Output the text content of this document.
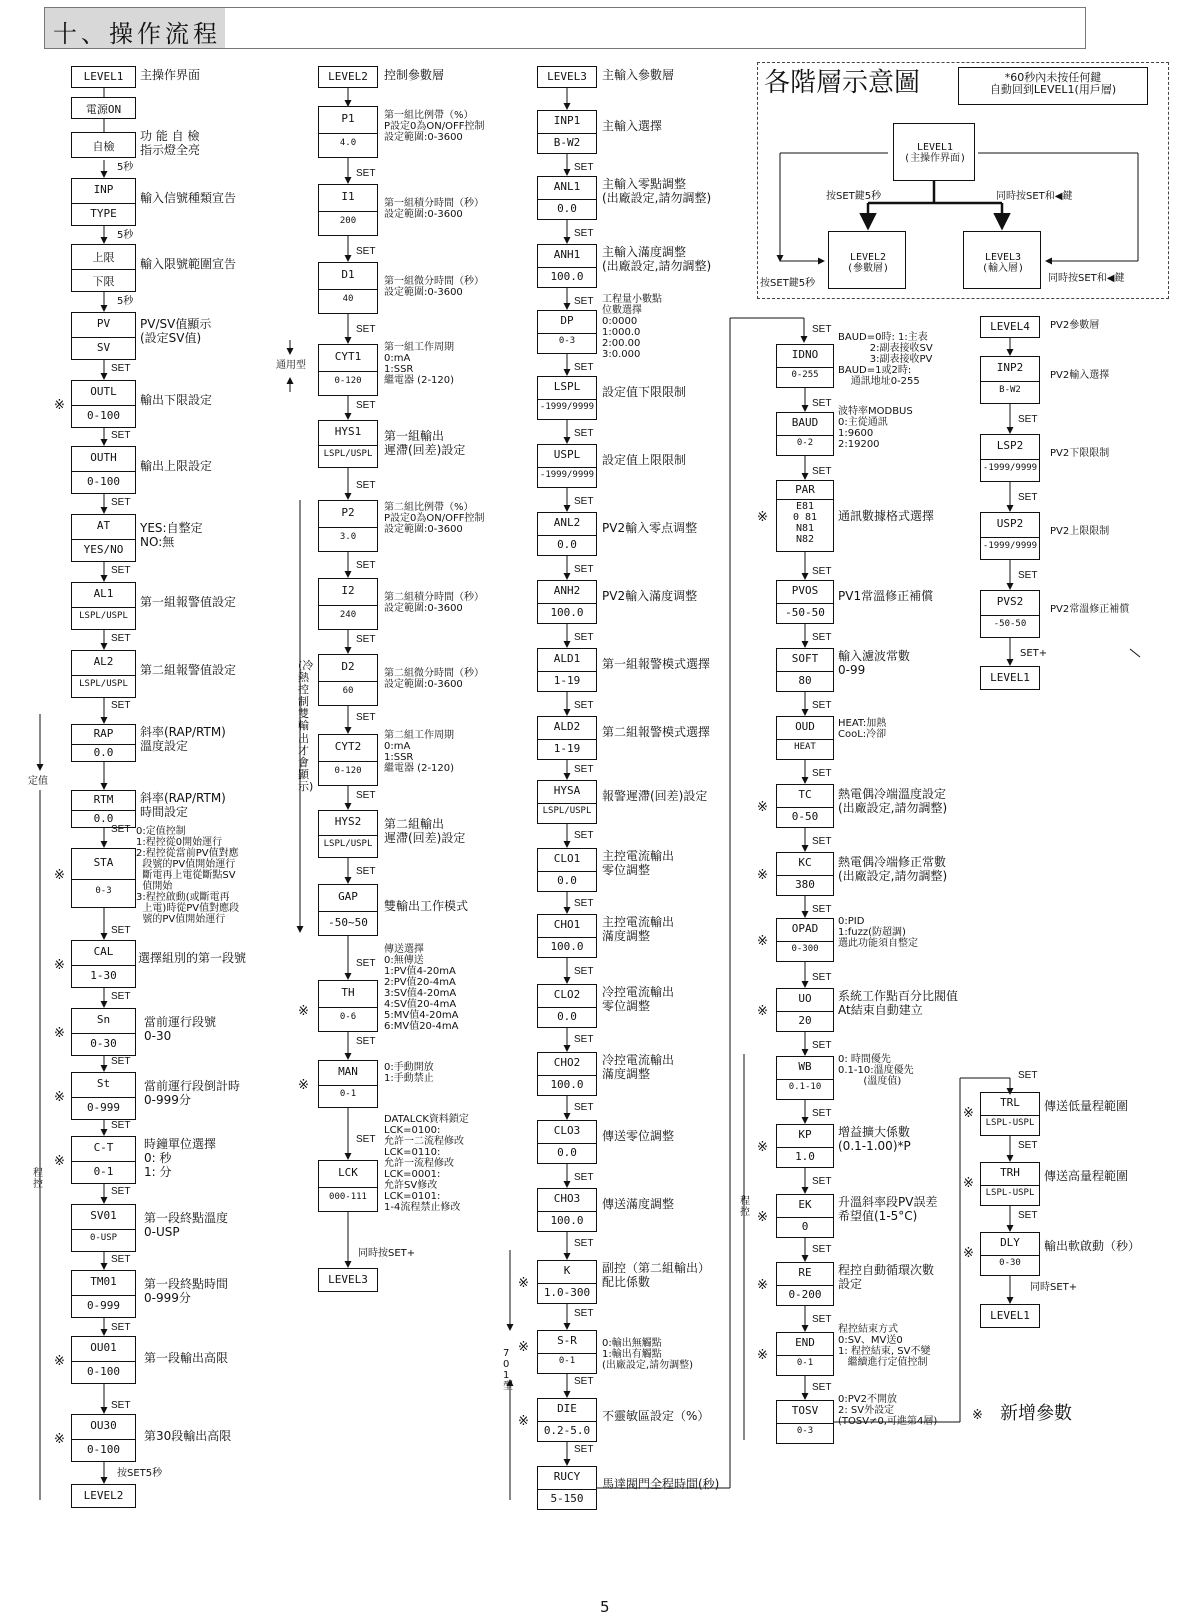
十、操作流程
LEVEL1	主操作界面
電源ON
自檢
功 能 自 檢
指示燈全亮
5秒
INP
TYPE
輸入信號種類宣告
5秒
上限
下限
輸入限號範圍宣告
5秒
PV
SV
PV/SV值顯示
(設定SV值)
OUTL
0-100
輸出下限設定
※
OUTH
0-100
輸出上限設定
AT
YES/NO
YES:自整定
NO:無
AL1
LSPL/USPL
第一組報警值設定
AL2
LSPL/USPL
第二組報警值設定
RAP
0.0
斜率(RAP/RTM)
溫度設定
定值
RTM
0.0
斜率(RAP/RTM)
時間設定
STA
0-3
0:定值控制
1:程控從0開始運行
2:程控從當前PV值對應
段號的PV值開始運行
斷電再上電從斷點SV
值開始
3:程控啟動(或斷電再
上電)時從PV值對應段
號的PV值開始運行
※
CAL
1-30
選擇組別的第一段號
※
Sn
0-30
當前運行段號
0-30
※
St
0-999
當前運行段倒計時
0-999分
※
C-T
0-1
時鐘單位選擇
0: 秒
1: 分
※
SV01
0-USP
第一段終點溫度
0-USP
TM01
0-999
第一段終點時間
0-999分
OU01
0-100
第一段輸出高限
※
OU30
0-100
第30段輸出高限
※
按SET5秒
LEVEL2
程
控
SET
SET
SET
SET
SET
SET
SET
SET
SET
SET
SET
SET
SET
SET
SET
LEVEL2	控制參數層
P1
4.0
第一組比例帶（%）
P設定0為ON/OFF控制
設定範圍:0-3600
I1
200
第一組積分時間（秒）
設定範圍:0-3600
D1
40
第一組微分時間（秒）
設定範圍:0-3600
CYT1
0-120
第一組工作周期
0:mA
1:SSR
繼電器 (2-120)
通用型
HYS1
LSPL/USPL
第一組輸出
遲滯(回差)設定
P2
3.0
第二組比例帶（%）
P設定0為ON/OFF控制
設定範圍:0-3600
I2
240
第二組積分時間（秒）
設定範圍:0-3600
D2
60
第二組微分時間（秒）
設定範圍:0-3600
CYT2
0-120
第二組工作周期
0:mA
1:SSR
繼電器 (2-120)
HYS2
LSPL/USPL
第二組輸出
遲滯(回差)設定
GAP
-50~50
雙輸出工作模式
(冷熱控制雙輸出才會顯示)
TH
0-6
傳送選擇
0:無傳送
1:PV值4-20mA
2:PV值20-4mA
3:SV值4-20mA
4:SV值20-4mA
5:MV值4-20mA
6:MV值20-4mA
※
MAN
0-1
0:手動開放
1:手動禁止
※
LCK
000-111
DATALCK資料鎖定
LCK=0100:
允許一二流程修改
LCK=0110:
允許一流程修改
LCK=0001:
允許SV修改
LCK=0101:
1-4流程禁止修改
同時按SET+
LEVEL3
SET
SET
SET
SET
SET
SET
SET
SET
SET
SET
SET
SET
SET
LEVEL3	主輸入參數層
INP1
B-W2
主輸入選擇
ANL1
0.0
主輸入零點調整
(出廠設定,請勿調整)
ANH1
100.0
主輸入滿度調整
(出廠設定,請勿調整)
DP
0-3
工程量小數點
位數選擇
0:0000
1:000.0
2:00.00
3:0.000
LSPL
-1999/9999
設定值下限限制
USPL
-1999/9999
設定值上限限制
ANL2
0.0
PV2輸入零点调整
ANH2
100.0
PV2輸入滿度调整
ALD1
1-19
第一組報警模式選擇
ALD2
1-19
第二組報警模式選擇
HYSA
LSPL/USPL
報警遲滯(回差)設定
CLO1
0.0
主控電流輸出
零位調整
CHO1
100.0
主控電流輸出
滿度調整
CLO2
0.0
冷控電流輸出
零位調整
CHO2
100.0
冷控電流輸出
滿度調整
CLO3
0.0
傳送零位調整
CHO3
100.0
傳送滿度調整
K
1.0-300
副控（第二組輸出）
配比係數
※
S-R
0-1
0:輸出無觸點
1:輸出有觸點
(出廠設定,請勿調整)
※
DIE
0.2-5.0
不靈敏區設定（%）
※
RUCY
5-150
馬達閥門全程時間(秒)
7
0
1
型
SET
SET
SET
SET
SET
SET
SET
SET
SET
SET
SET
SET
SET
SET
SET
SET
SET
SET
SET
SET
IDNO
0-255
BAUD=0時: 1:主表
2:副表接收SV
3:副表接收PV
BAUD=1或2時:
通訊地址0-255
BAUD
0-2
波特率MODBUS
0:主從通訊
1:9600
2:19200
PAR
E81
0 81
N81
N82
通訊數據格式選擇
※
PVOS
-50-50
PV1常溫修正補償
SOFT
80
輸入濾波常數
0-99
OUD
HEAT
HEAT:加熱
CooL:冷卻
TC
0-50
熱電偶冷端溫度設定
(出廠設定,請勿調整)
※
KC
380
熱電偶冷端修正常數
(出廠設定,請勿調整)
※
OPAD
0-300
0:PID
1:fuzz(防超調)
選此功能須自整定
※
UO
20
系統工作點百分比閥值
At結束自動建立
※
WB
0.1-10
0: 時間優先
0.1-10:溫度優先
(溫度值)
KP
1.0
增益擴大係數
(0.1-1.00)*P
※
EK
0
升溫斜率段PV誤差
希望值(1-5°C)
※
RE
0-200
程控自動循環次數
設定
※
END
0-1
程控結束方式
0:SV、MV送0
1: 程控結束, SV不變
繼續進行定值控制
※
TOSV
0-3
0:PV2不開放
2: SV外設定
(TOSV≠0,可進第4層)
程
控
SET
SET
SET
SET
SET
SET
SET
SET
SET
SET
SET
SET
SET
SET
SET
SET
LEVEL4	PV2參數層
INP2
B-W2
PV2輸入選擇
LSP2
-1999/9999
PV2下限限制
USP2
-1999/9999
PV2上限限制
PVS2
-50-50
PV2常溫修正補償
SET+
LEVEL1
SET
SET
SET
TRL
LSPL-USPL
傳送低量程範圍
※
TRH
LSPL-USPL
傳送高量程範圍
※
DLY
0-30
輸出軟啟動（秒）
※
同時SET+
LEVEL1
SET
SET
SET
※ 新增參數
各階層示意圖	*60秒內未按任何鍵
自動回到LEVEL1(用戶層)
LEVEL1
(主操作界面)
LEVEL2
(參數層)
LEVEL3
(輸入層)
按SET鍵5秒	同時按SET和◀鍵
按SET鍵5秒	同時按SET和◀鍵
5
